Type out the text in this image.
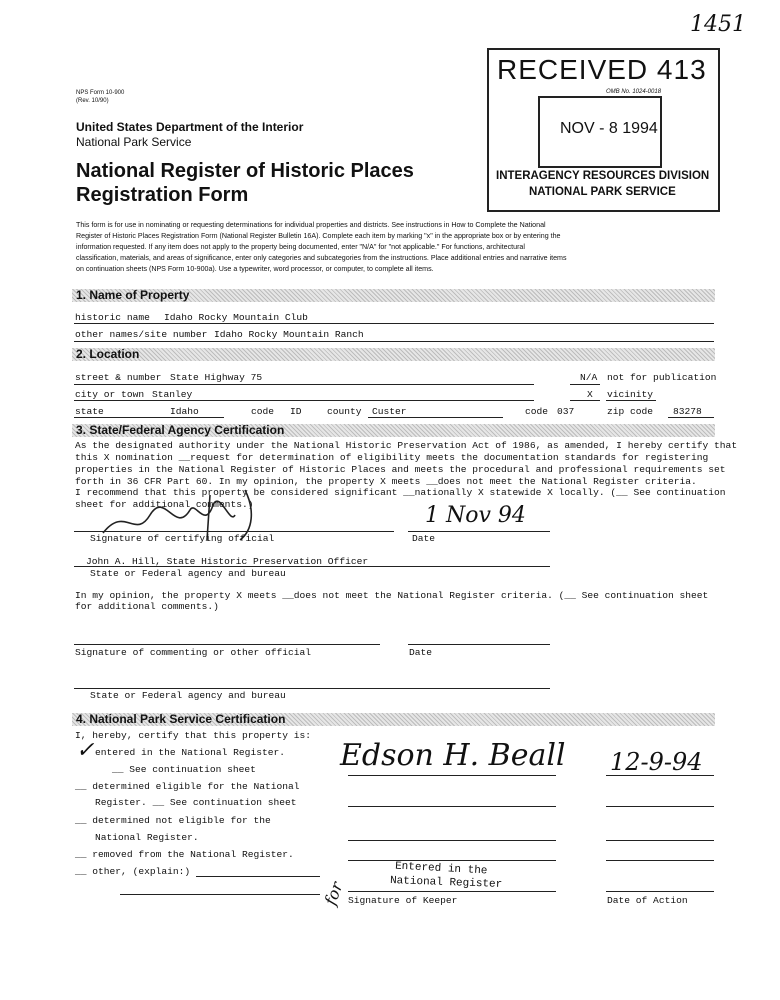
1451
NPS Form 10-900
(Rev. 10/90)
United States Department of the Interior
National Park Service
National Register of Historic Places
Registration Form
RECEIVED 413
OMB No. 1024-0018
NOV - 8 1994
INTERAGENCY RESOURCES DIVISION
NATIONAL PARK SERVICE
This form is for use in nominating or requesting determinations for individual properties and districts. See instructions in How to Complete the National
Register of Historic Places Registration Form (National Register Bulletin 16A). Complete each item by marking "x" in the appropriate box or by entering the
information requested. If any item does not apply to the property being documented, enter "N/A" for "not applicable." For functions, architectural
classification, materials, and areas of significance, enter only categories and subcategories from the instructions. Place additional entries and narrative items
on continuation sheets (NPS Form 10-900a). Use a typewriter, word processor, or computer, to complete all items.
1. Name of Property
historic name Idaho Rocky Mountain Club
other names/site number Idaho Rocky Mountain Ranch
2. Location
street & number State Highway 75	N/A not for publication
city or town Stanley	X vicinity
state	Idaho	code ID	county Custer	code 037	zip code 83278
3. State/Federal Agency Certification
As the designated authority under the National Historic Preservation Act of 1986, as amended, I hereby certify that
this X nomination __request for determination of eligibility meets the documentation standards for registering
properties in the National Register of Historic Places and meets the procedural and professional requirements set
forth in 36 CFR Part 60. In my opinion, the property X meets __does not meet the National Register criteria.
I recommend that this property be considered significant __nationally X statewide X locally. (__ See continuation
sheet for additional comments.)	1 Nov 94
Signature of certifying official	Date
John A. Hill, State Historic Preservation Officer
State or Federal agency and bureau
In my opinion, the property X meets __does not meet the National Register criteria. (__ See continuation sheet
for additional comments.)
Signature of commenting or other official	Date
State or Federal agency and bureau
4. National Park Service Certification
I, hereby, certify that this property is:
✓ entered in the National Register.
__ See continuation sheet
__ determined eligible for the National
Register. __ See continuation sheet
__ determined not eligible for the
National Register.
__ removed from the National Register.
__ other, (explain:)
Edson H. Beall 12-9-94
Entered in the
National Register
for Signature of Keeper	Date of Action
